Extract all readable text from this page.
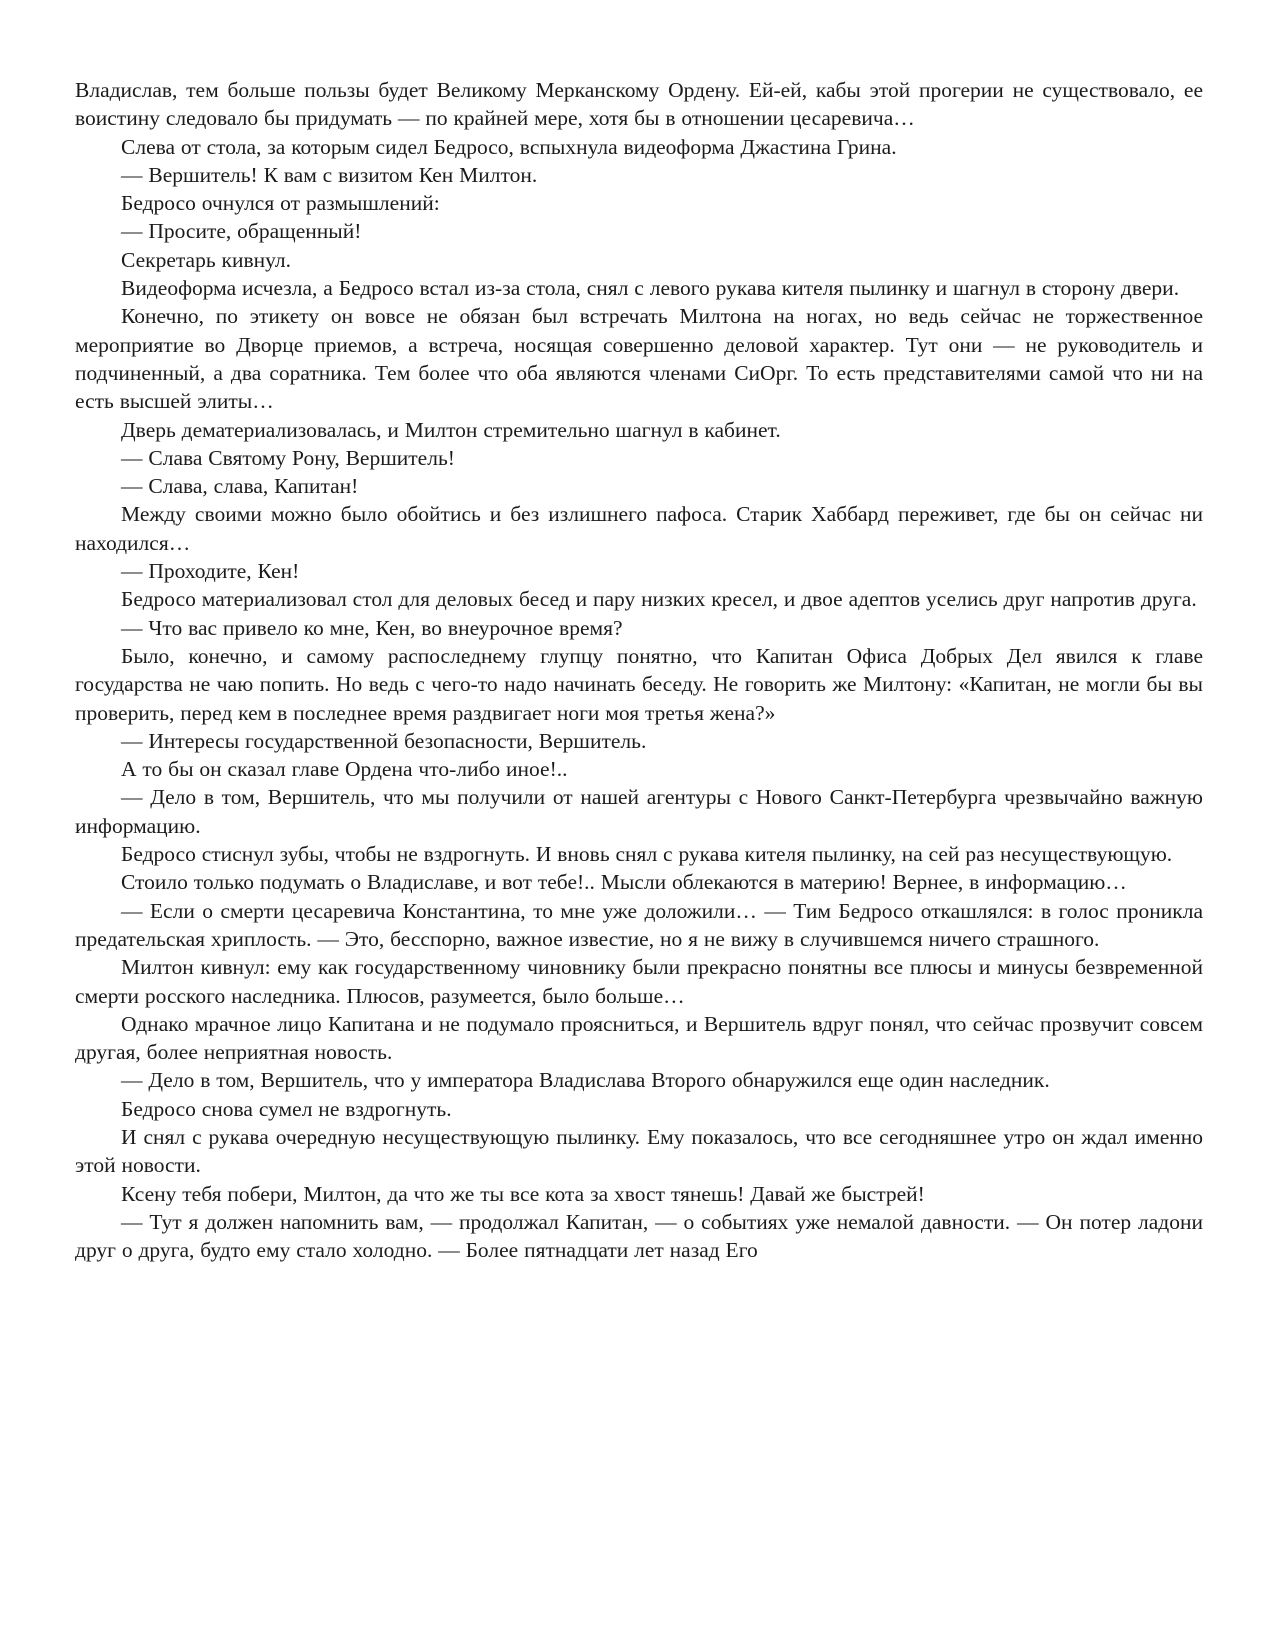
Владислав, тем больше пользы будет Великому Мерканскому Ордену. Ей-ей, кабы этой прогерии не существовало, ее воистину следовало бы придумать — по крайней мере, хотя бы в отношении цесаревича…

Слева от стола, за которым сидел Бедросо, вспыхнула видеоформа Джастина Грина.

— Вершитель! К вам с визитом Кен Милтон.

Бедросо очнулся от размышлений:

— Просите, обращенный!

Секретарь кивнул.

Видеоформа исчезла, а Бедросо встал из-за стола, снял с левого рукава кителя пылинку и шагнул в сторону двери.

Конечно, по этикету он вовсе не обязан был встречать Милтона на ногах, но ведь сейчас не торжественное мероприятие во Дворце приемов, а встреча, носящая совершенно деловой характер. Тут они — не руководитель и подчиненный, а два соратника. Тем более что оба являются членами СиОрг. То есть представителями самой что ни на есть высшей элиты…

Дверь дематериализовалась, и Милтон стремительно шагнул в кабинет.

— Слава Святому Рону, Вершитель!

— Слава, слава, Капитан!

Между своими можно было обойтись и без излишнего пафоса. Старик Хаббард переживет, где бы он сейчас ни находился…

— Проходите, Кен!

Бедросо материализовал стол для деловых бесед и пару низких кресел, и двое адептов уселись друг напротив друга.

— Что вас привело ко мне, Кен, во внеурочное время?

Было, конечно, и самому распоследнему глупцу понятно, что Капитан Офиса Добрых Дел явился к главе государства не чаю попить. Но ведь с чего-то надо начинать беседу. Не говорить же Милтону: «Капитан, не могли бы вы проверить, перед кем в последнее время раздвигает ноги моя третья жена?»

— Интересы государственной безопасности, Вершитель.

А то бы он сказал главе Ордена что-либо иное!..

— Дело в том, Вершитель, что мы получили от нашей агентуры с Нового Санкт-Петербурга чрезвычайно важную информацию.

Бедросо стиснул зубы, чтобы не вздрогнуть. И вновь снял с рукава кителя пылинку, на сей раз несуществующую.

Стоило только подумать о Владиславе, и вот тебе!.. Мысли облекаются в материю! Вернее, в информацию…

— Если о смерти цесаревича Константина, то мне уже доложили… — Тим Бедросо откашлялся: в голос проникла предательская хриплость. — Это, бесспорно, важное известие, но я не вижу в случившемся ничего страшного.

Милтон кивнул: ему как государственному чиновнику были прекрасно понятны все плюсы и минусы безвременной смерти росского наследника. Плюсов, разумеется, было больше…

Однако мрачное лицо Капитана и не подумало проясниться, и Вершитель вдруг понял, что сейчас прозвучит совсем другая, более неприятная новость.

— Дело в том, Вершитель, что у императора Владислава Второго обнаружился еще один наследник.

Бедросо снова сумел не вздрогнуть.

И снял с рукава очередную несуществующую пылинку. Ему показалось, что все сегодняшнее утро он ждал именно этой новости.

Ксену тебя побери, Милтон, да что же ты все кота за хвост тянешь! Давай же быстрей!

— Тут я должен напомнить вам, — продолжал Капитан, — о событиях уже немалой давности. — Он потер ладони друг о друга, будто ему стало холодно. — Более пятнадцати лет назад Его
